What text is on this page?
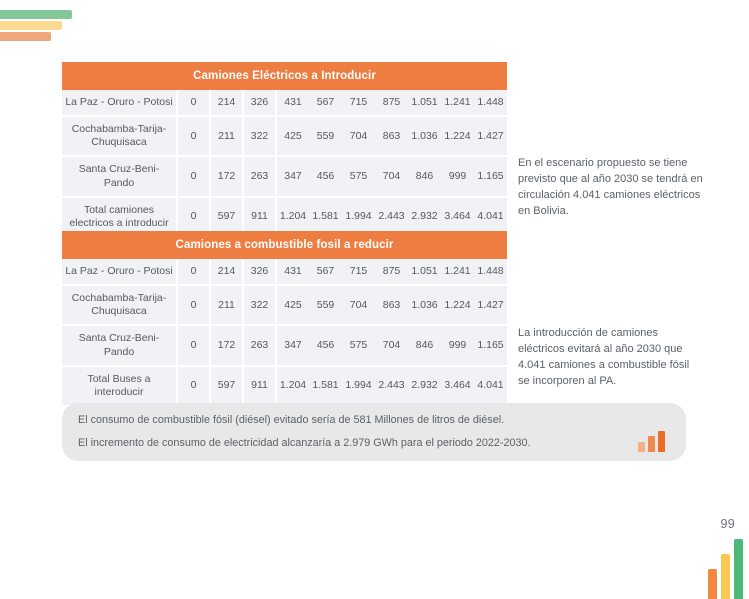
Camiones Eléctricos a Introducir
La Paz - Oruro - Potosi	0	214	326	431	567	715	875	1.051	1.241	1.448
Cochabamba-Tarija-Chuquisaca	0	211	322	425	559	704	863	1.036	1.224	1.427
Santa Cruz-Beni-Pando	0	172	263	347	456	575	704	846	999	1.165
Total camiones electricos a introducir	0	597	911	1.204	1.581	1.994	2.443	2.932	3.464	4.041
Camiones a combustible fosil a reducir
La Paz - Oruro - Potosi	0	214	326	431	567	715	875	1.051	1.241	1.448
Cochabamba-Tarija-Chuquisaca	0	211	322	425	559	704	863	1.036	1.224	1.427
Santa Cruz-Beni-Pando	0	172	263	347	456	575	704	846	999	1.165
Total Buses a interoducir	0	597	911	1.204	1.581	1.994	2.443	2.932	3.464	4.041
En el escenario propuesto se tiene previsto que al año 2030 se tendrá en circulación 4.041 camiones eléctricos en Bolivia.
La introducción de camiones eléctricos evitará al año 2030 que 4.041 camiones a combustible fósil se incorporen al PA.

El consumo de combustible fósil (diésel) evitado sería de 581 Millones de litros de diésel.

El incremento de consumo de electricidad alcanzaría a 2.979 GWh para el periodo 2022-2030.

99
